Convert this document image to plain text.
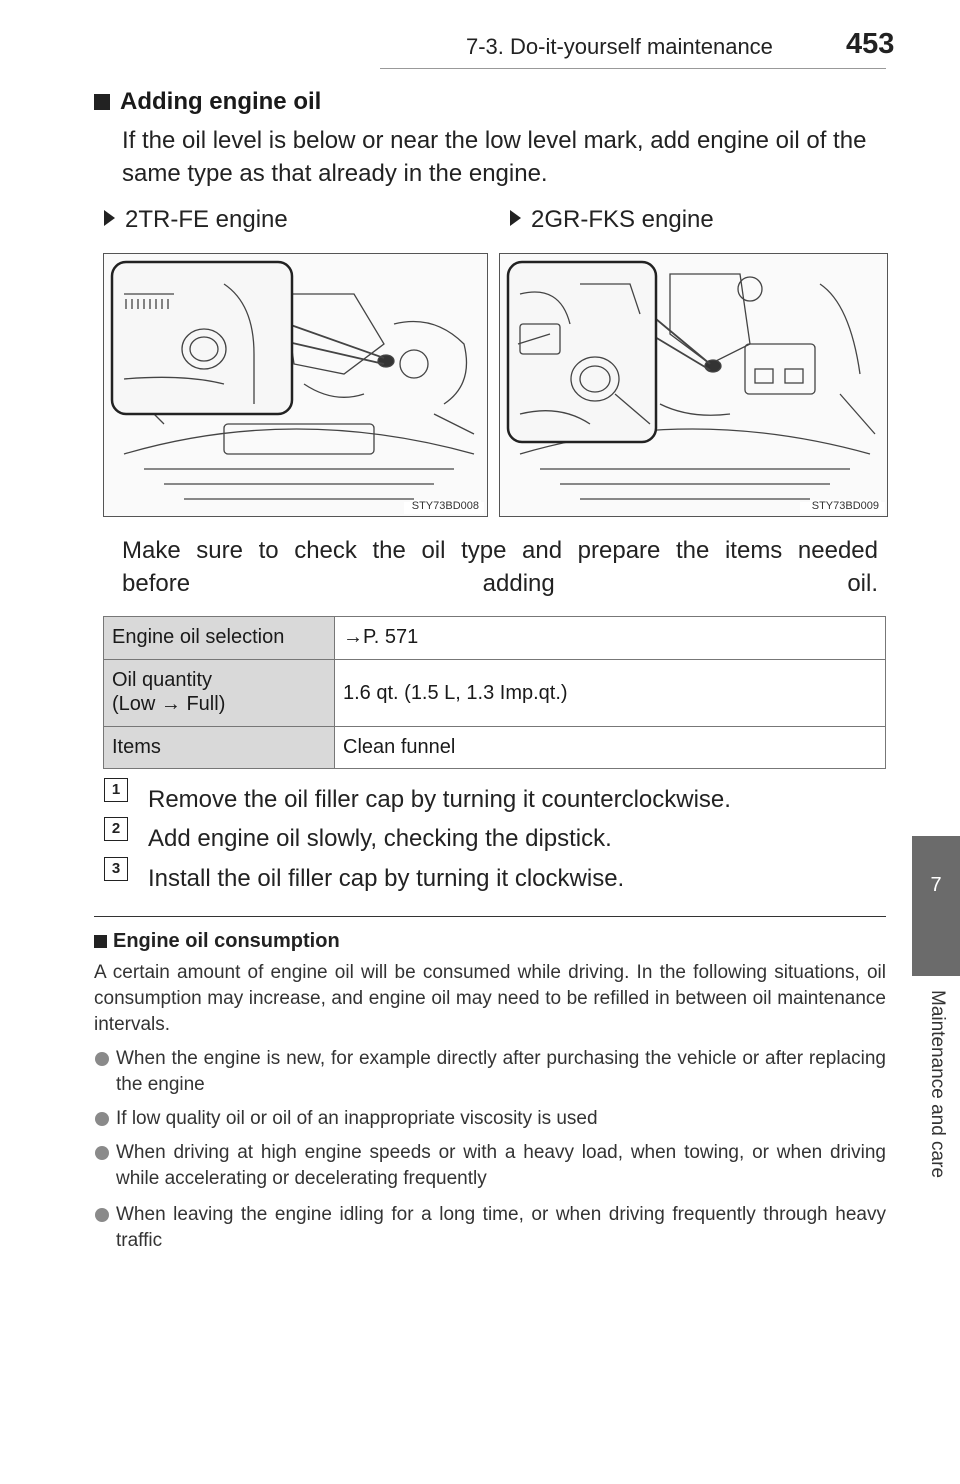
7-3. Do-it-yourself maintenance	453
7
Maintenance and care
Adding engine oil
If the oil level is below or near the low level mark, add engine oil of the same type as that already in the engine.
2TR-FE engine	2GR-FKS engine
STY73BD008	STY73BD009
Make sure to check the oil type and prepare the items needed before adding oil.
Engine oil selection	→P. 571

Oil quantity
(Low → Full)	1.6 qt. (1.5 L, 1.3 Imp.qt.)
Items	Clean funnel
1 Remove the oil filler cap by turning it counterclockwise.
2 Add engine oil slowly, checking the dipstick.
3 Install the oil filler cap by turning it clockwise.
Engine oil consumption
A certain amount of engine oil will be consumed while driving. In the following situations, oil consumption may increase, and engine oil may need to be refilled in between oil maintenance intervals.
When the engine is new, for example directly after purchasing the vehicle or after replacing the engine
If low quality oil or oil of an inappropriate viscosity is used
When driving at high engine speeds or with a heavy load, when towing, or when driving while accelerating or decelerating frequently
When leaving the engine idling for a long time, or when driving frequently through heavy traffic
